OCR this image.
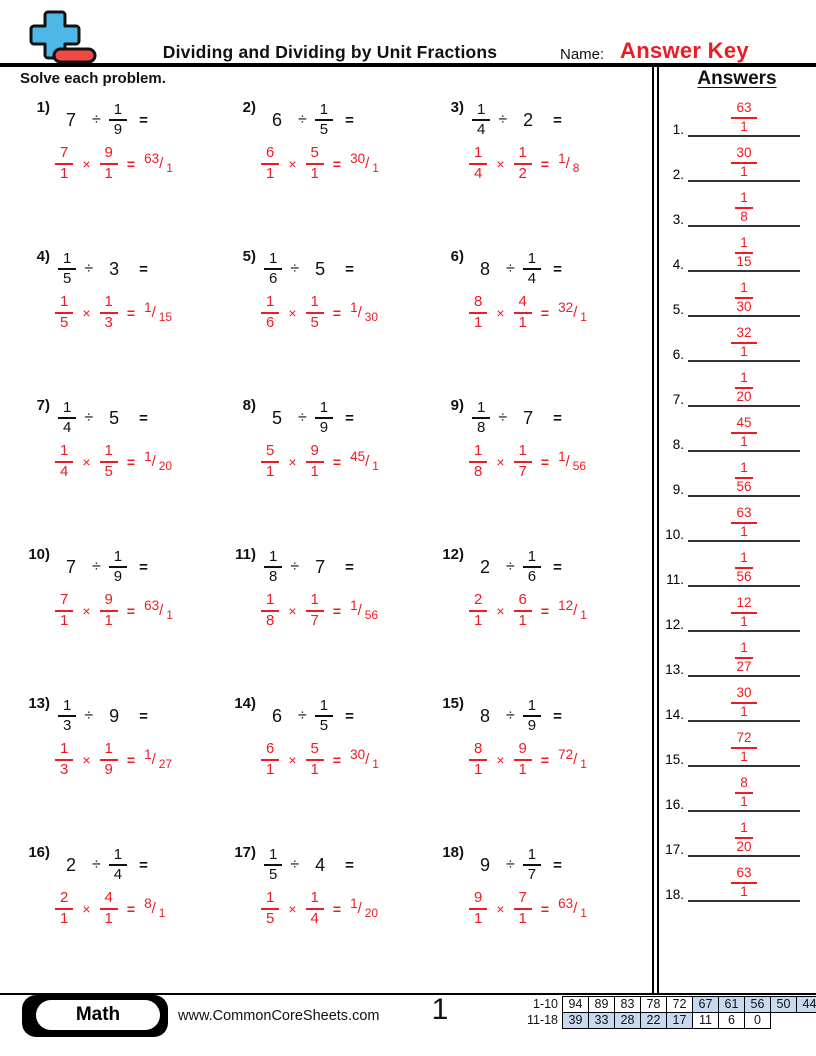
Dividing and Dividing by Unit Fractions	Name: Answer Key
Solve each problem.
1)
$7 \div \frac{1}{9}$ =
$\frac{7}{1} \times \frac{9}{1} = 63/$ $_1$
2)
$6 \div \frac{1}{5}$ =
$\frac{6}{1} \times \frac{5}{1} = 30/$ $_1$
$3) \frac{1}{4} \div 2$ =
$\frac{1}{4} \times \frac{1}{2} = 1/$ $_8$
$4) \frac{1}{5} \div 3$ =
$\frac{1}{5} \times \frac{1}{3} = 1/$ $_{15}$
$5) \frac{1}{6} \div 5$ =
$\frac{1}{6} \times \frac{1}{5} = 1/$ $_{30}$
6)
$8 \div \frac{1}{4}$ =
$\frac{8}{1} \times \frac{4}{1} = 32/$ $_1$
$7) \frac{1}{4} \div 5$ =
$\frac{1}{4} \times \frac{1}{5} = 1/$ $_{20}$
8)
$5 \div \frac{1}{9}$ =
$\frac{5}{1} \times \frac{9}{1} = 45/$ $_1$
$9) \frac{1}{8} \div 7$ =
$\frac{1}{8} \times \frac{1}{7} = 1/$ $_{56}$
10)
$7 \div \frac{1}{9}$ =
$\frac{7}{1} \times \frac{9}{1} = 63/$ $_1$
$11) \frac{1}{8} \div 7$ =
$\frac{1}{8} \times \frac{1}{7} = 1/$ $_{56}$
12)
$2 \div \frac{1}{6}$ =
$\frac{2}{1} \times \frac{6}{1} = 12/$ $_1$
$13) \frac{1}{3} \div 9$ =
$\frac{1}{3} \times \frac{1}{9} = 1/$ $_{27}$
14)
$6 \div \frac{1}{5}$ =
$\frac{6}{1} \times \frac{5}{1} = 30/$ $_1$
15)
$8 \div \frac{1}{9}$ =
$\frac{8}{1} \times \frac{9}{1} = 72/$ $_1$
16)
$2 \div \frac{1}{4}$ =
$\frac{2}{1} \times \frac{4}{1} = 8/$ $_1$
$17) \frac{1}{5} \div 4$ =
$\frac{1}{5} \times \frac{1}{4} = 1/$ $_{20}$
18)
$9 \div \frac{1}{7}$ =
$\frac{9}{1} \times \frac{7}{1} = 63/$ $_1$
Answers
1.	$\frac{63}{1}$
2.	$\frac{30}{1}$
3.	$\frac{1}{8}$
4.	$\frac{1}{15}$
5.	$\frac{1}{30}$
6.	$\frac{32}{1}$
7.	$\frac{1}{20}$
8.	$\frac{45}{1}$
9.	$\frac{1}{56}$
10.	$\frac{63}{1}$
11.	$\frac{1}{56}$
12.	$\frac{12}{1}$
13.	$\frac{1}{27}$
14.	$\frac{30}{1}$
15.	$\frac{72}{1}$
16.	$\frac{8}{1}$
17.	$\frac{1}{20}$
18.	$\frac{63}{1}$
Math	www.CommonCoreSheets.com	1	1-10 94 89 83 78 72 67 61 56 50 44
11-18 39 33 28 22 17	11	6	0
